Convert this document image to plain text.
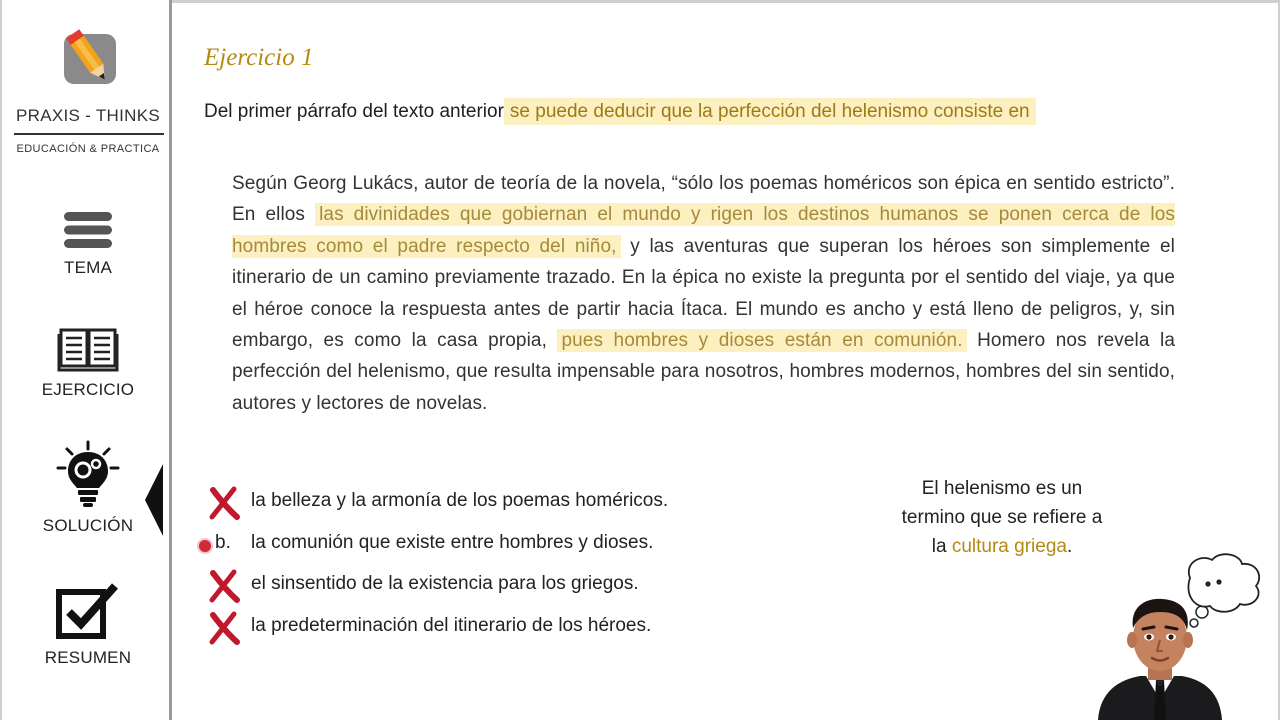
PRAXIS - THINKS
EDUCACIÓN & PRACTICA
TEMA
EJERCICIO
SOLUCIÓN
RESUMEN
Ejercicio 1
Del primer párrafo del texto anterior se puede deducir que la perfección del helenismo consiste en
Según Georg Lukács, autor de teoría de la novela, “sólo los poemas homéricos son épica en sentido estricto”. En ellos las divinidades que gobiernan el mundo y rigen los destinos humanos se ponen cerca de los hombres como el padre respecto del niño, y las aventuras que superan los héroes son simplemente el itinerario de un camino previamente trazado. En la épica no existe la pregunta por el sentido del viaje, ya que el héroe conoce la respuesta antes de partir hacia Ítaca. El mundo es ancho y está lleno de peligros, y, sin embargo, es como la casa propia, pues hombres y dioses están en comunión. Homero nos revela la perfección del helenismo, que resulta impensable para nosotros, hombres modernos, hombres del sin sentido, autores y lectores de novelas.
la belleza y la armonía de los poemas homéricos.
b. la comunión que existe entre hombres y dioses.
el sinsentido de la existencia para los griegos.
la predeterminación del itinerario de los héroes.
El helenismo es un
termino que se refiere a
la cultura griega.
